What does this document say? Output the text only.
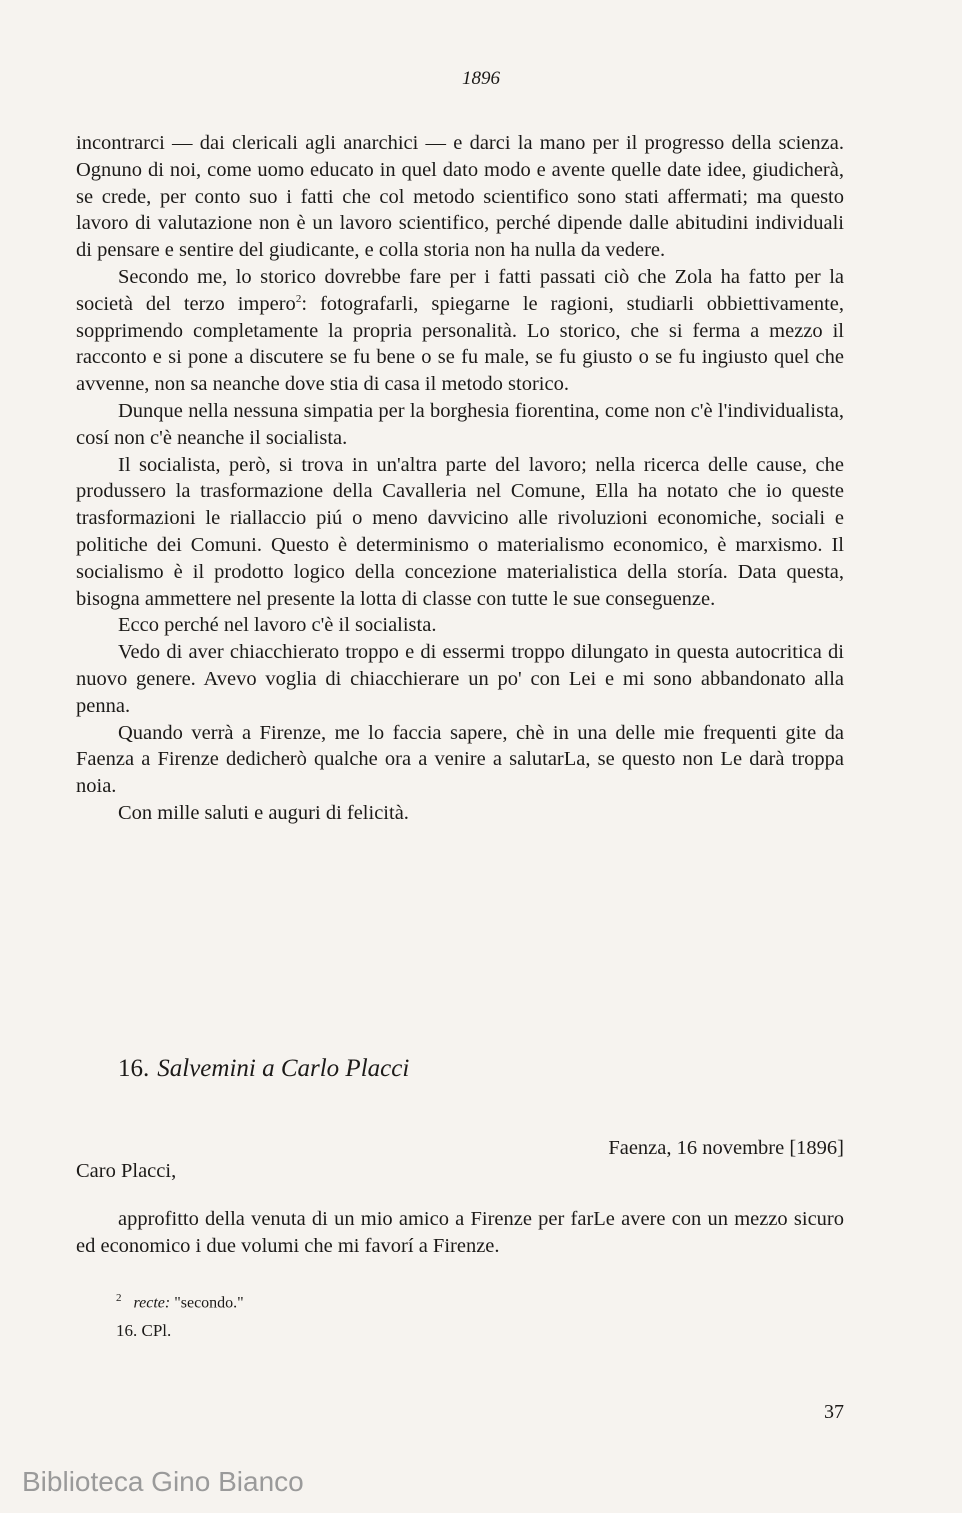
1896

incontrarci — dai clericali agli anarchici — e darci la mano per il progresso della scienza. Ognuno di noi, come uomo educato in quel dato modo e avente quelle date idee, giudicherà, se crede, per conto suo i fatti che col metodo scientifico sono stati affermati; ma questo lavoro di valutazione non è un lavoro scientifico, perché dipende dalle abitudini individuali di pensare e sentire del giudicante, e colla storia non ha nulla da vedere.

Secondo me, lo storico dovrebbe fare per i fatti passati ciò che Zola ha fatto per la società del terzo impero$^2$: fotografarli, spiegarne le ragioni, studiarli obbiettivamente, sopprimendo completamente la propria personalità. Lo storico, che si ferma a mezzo il racconto e si pone a discutere se fu bene o se fu male, se fu giusto o se fu ingiusto quel che avvenne, non sa neanche dove stia di casa il metodo storico.

Dunque nella nessuna simpatia per la borghesia fiorentina, come non c'è l'individualista, cosí non c'è neanche il socialista.

Il socialista, però, si trova in un'altra parte del lavoro; nella ricerca delle cause, che produssero la trasformazione della Cavalleria nel Comune, Ella ha notato che io queste trasformazioni le riallaccio piú o meno davvicino alle rivoluzioni economiche, sociali e politiche dei Comuni. Questo è determinismo o materialismo economico, è marxismo. Il socialismo è il prodotto logico della concezione materialistica della storía. Data questa, bisogna ammettere nel presente la lotta di classe con tutte le sue conseguenze.

Ecco perché nel lavoro c'è il socialista.

Vedo di aver chiacchierato troppo e di essermi troppo dilungato in questa autocritica di nuovo genere. Avevo voglia di chiacchierare un po' con Lei e mi sono abbandonato alla penna.

Quando verrà a Firenze, me lo faccia sapere, chè in una delle mie frequenti gite da Faenza a Firenze dedicherò qualche ora a venire a salutarLa, se questo non Le darà troppa noia.

Con mille saluti e auguri di felicità.

16. Salvemini a Carlo Placci
Faenza, 16 novembre [1896]
Caro Placci,

approfitto della venuta di un mio amico a Firenze per farLe avere con un mezzo sicuro ed economico i due volumi che mi favorí a Firenze.

$^2$ recte: "secondo."
16. CPl.
37
Biblioteca Gino Bianco
